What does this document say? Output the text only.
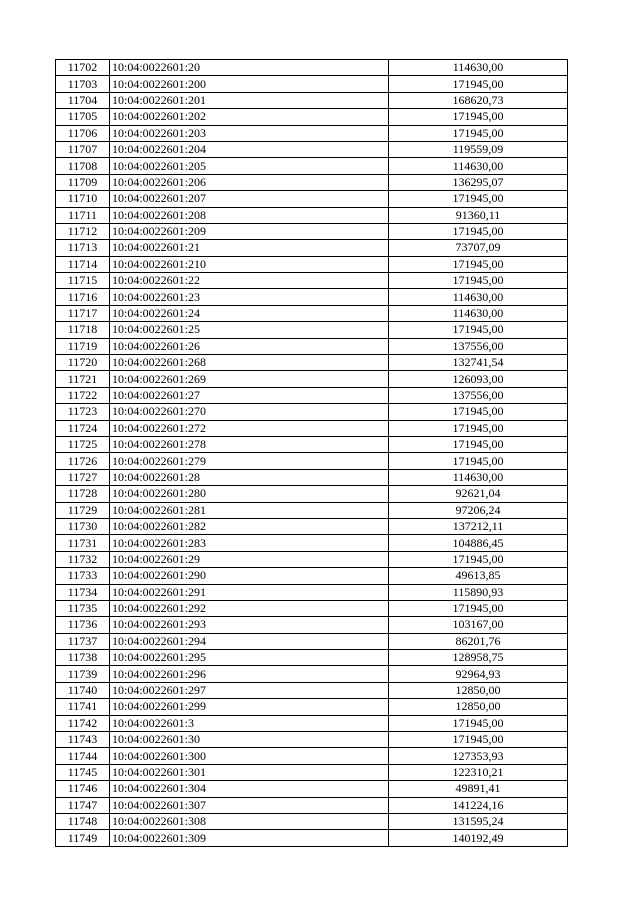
11702	10:04:0022601:20	114630,00
11703	10:04:0022601:200	171945,00
11704	10:04:0022601:201	168620,73
11705	10:04:0022601:202	171945,00
11706	10:04:0022601:203	171945,00
11707	10:04:0022601:204	119559,09
11708	10:04:0022601:205	114630,00
11709	10:04:0022601:206	136295,07
11710	10:04:0022601:207	171945,00
11711	10:04:0022601:208	91360,11
11712	10:04:0022601:209	171945,00
11713	10:04:0022601:21	73707,09
11714	10:04:0022601:210	171945,00
11715	10:04:0022601:22	171945,00
11716	10:04:0022601:23	114630,00
11717	10:04:0022601:24	114630,00
11718	10:04:0022601:25	171945,00
11719	10:04:0022601:26	137556,00
11720	10:04:0022601:268	132741,54
11721	10:04:0022601:269	126093,00
11722	10:04:0022601:27	137556,00
11723	10:04:0022601:270	171945,00
11724	10:04:0022601:272	171945,00
11725	10:04:0022601:278	171945,00
11726	10:04:0022601:279	171945,00
11727	10:04:0022601:28	114630,00
11728	10:04:0022601:280	92621,04
11729	10:04:0022601:281	97206,24
11730	10:04:0022601:282	137212,11
11731	10:04:0022601:283	104886,45
11732	10:04:0022601:29	171945,00
11733	10:04:0022601:290	49613,85
11734	10:04:0022601:291	115890,93
11735	10:04:0022601:292	171945,00
11736	10:04:0022601:293	103167,00
11737	10:04:0022601:294	86201,76
11738	10:04:0022601:295	128958,75
11739	10:04:0022601:296	92964,93
11740	10:04:0022601:297	12850,00
11741	10:04:0022601:299	12850,00
11742	10:04:0022601:3	171945,00
11743	10:04:0022601:30	171945,00
11744	10:04:0022601:300	127353,93
11745	10:04:0022601:301	122310,21
11746	10:04:0022601:304	49891,41
11747	10:04:0022601:307	141224,16
11748	10:04:0022601:308	131595,24
11749	10:04:0022601:309	140192,49
